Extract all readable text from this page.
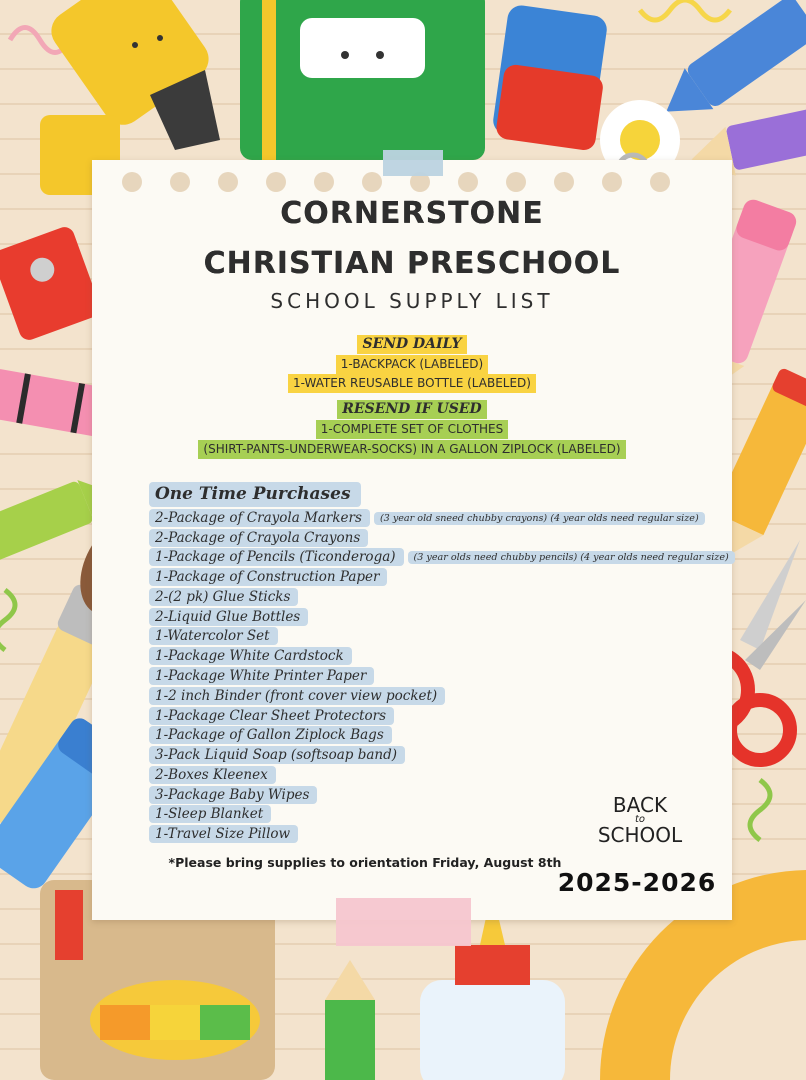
CORNERSTONE
CHRISTIAN PRESCHOOL
SCHOOL SUPPLY LIST
SEND DAILY
1-BACKPACK (LABELED)
1-WATER REUSABLE BOTTLE (LABELED)
RESEND IF USED
1-COMPLETE SET OF CLOTHES
(SHIRT-PANTS-UNDERWEAR-SOCKS) IN A GALLON ZIPLOCK (LABELED)
One Time Purchases
2-Package of Crayola Markers	(3 year old sneed chubby crayons) (4 year olds need regular size)
2-Package of Crayola Crayons
1-Package of Pencils (Ticonderoga)	(3 year olds need chubby pencils) (4 year olds need regular size)
1-Package of Construction Paper
2-(2 pk) Glue Sticks
2-Liquid Glue Bottles
1-Watercolor Set
1-Package White Cardstock
1-Package White Printer Paper
1-2 inch Binder (front cover view pocket)
1-Package Clear Sheet Protectors
1-Package of Gallon Ziplock Bags
3-Pack Liquid Soap (softsoap band)
2-Boxes Kleenex
3-Package Baby Wipes
1-Sleep Blanket
1-Travel Size Pillow
BACK
to
SCHOOL
*Please bring supplies to orientation Friday, August 8th
2025-2026
